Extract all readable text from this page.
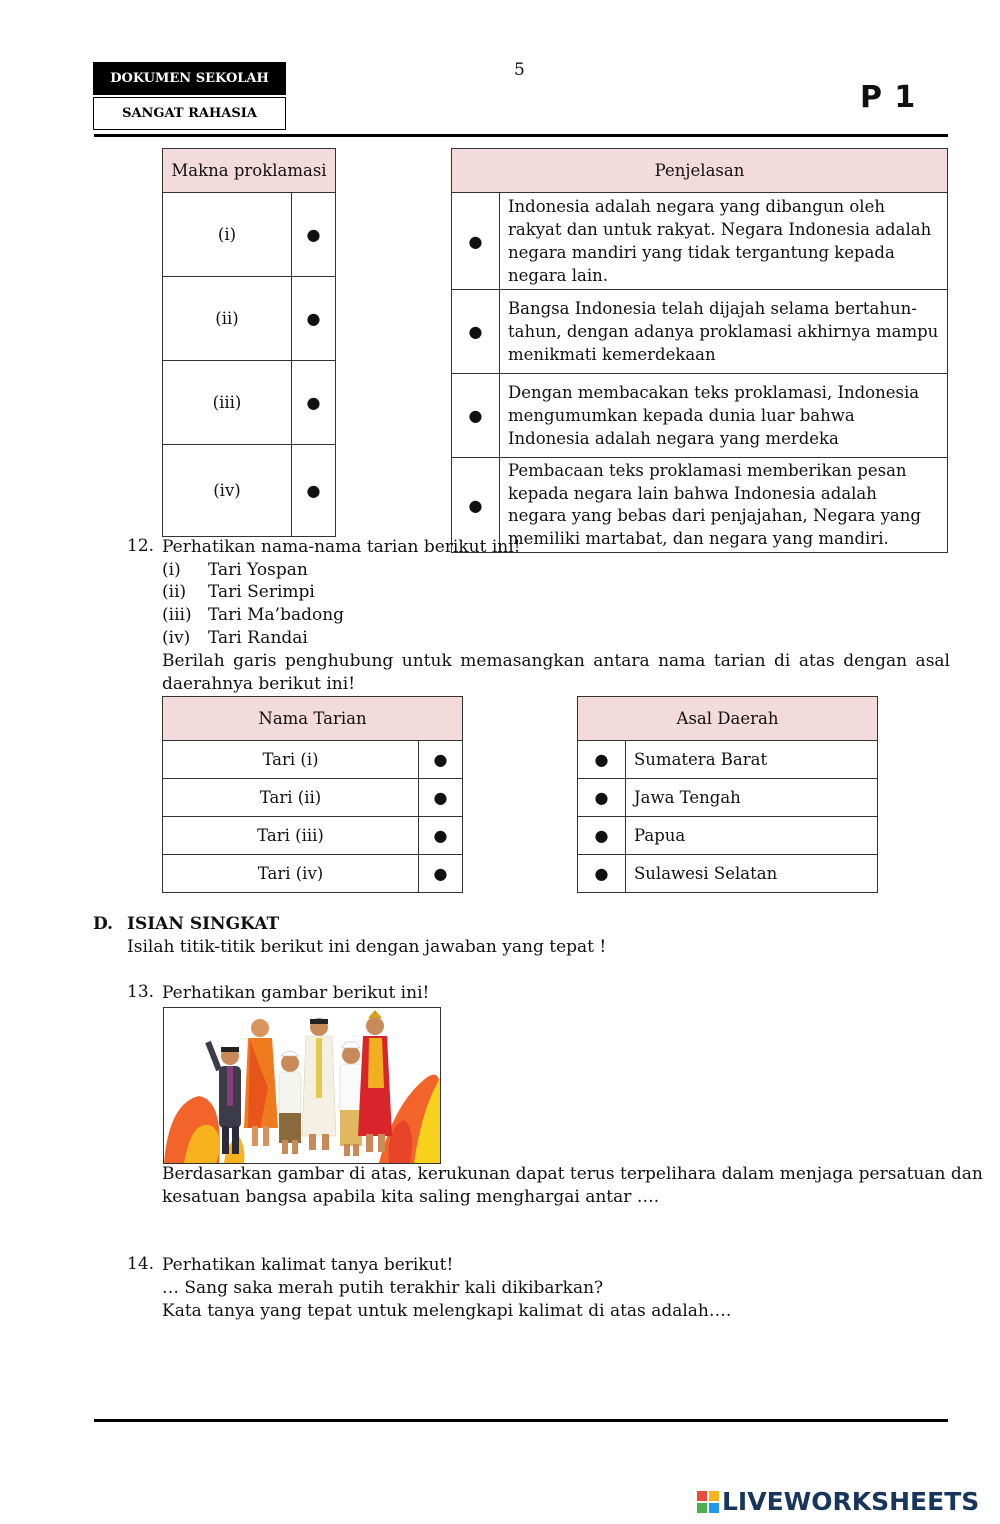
DOKUMEN SEKOLAH
SANGAT RAHASIA
5
P 1
Makna proklamasi	
(i)	●
(ii)	●
(iii)	●
(iv)	●
Penjelasan	
●	Indonesia adalah negara yang dibangun oleh rakyat dan untuk rakyat. Negara Indonesia adalah negara mandiri yang tidak tergantung kepada negara lain.
●	Bangsa Indonesia telah dijajah selama bertahun-tahun, dengan adanya proklamasi akhirnya mampu menikmati kemerdekaan
●	Dengan membacakan teks proklamasi, Indonesia mengumumkan kepada dunia luar bahwa Indonesia adalah negara yang merdeka
●	Pembacaan teks proklamasi memberikan pesan kepada negara lain bahwa Indonesia adalah negara yang bebas dari penjajahan, Negara yang memiliki martabat, dan negara yang mandiri.
12. Perhatikan nama-nama tarian berikut ini!
(i) Tari Yospan
(ii) Tari Serimpi
(iii) Tari Ma’badong
(iv) Tari Randai
Berilah garis penghubung untuk memasangkan antara nama tarian di atas dengan asal
daerahnya berikut ini!
Nama Tarian	
Tari (i)	●
Tari (ii)	●
Tari (iii)	●
Tari (iv)	●
Asal Daerah	
●	Sumatera Barat
●	Jawa Tengah
●	Papua
●	Sulawesi Selatan
D. ISIAN SINGKAT
Isilah titik-titik berikut ini dengan jawaban yang tepat !
13. Perhatikan gambar berikut ini!
Berdasarkan gambar di atas, kerukunan dapat terus terpelihara dalam menjaga persatuan dan
kesatuan bangsa apabila kita saling menghargai antar ….
14. Perhatikan kalimat tanya berikut!
… Sang saka merah putih terakhir kali dikibarkan?
Kata tanya yang tepat untuk melengkapi kalimat di atas adalah….
LIVEWORKSHEETS
